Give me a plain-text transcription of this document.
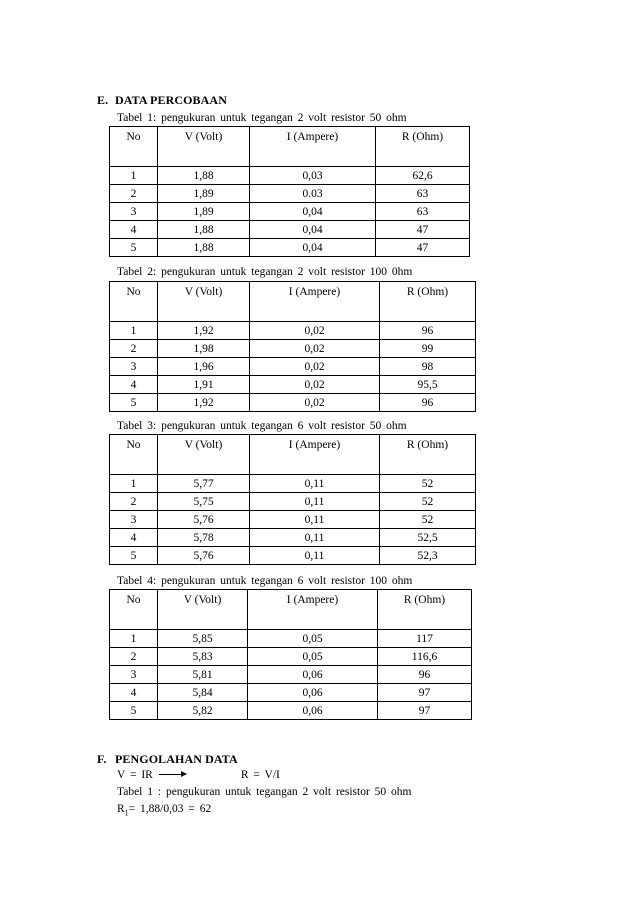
E. DATA PERCOBAAN
Tabel 1: pengukuran untuk tegangan 2 volt resistor 50 ohm
No	V (Volt)	I (Ampere)	R (Ohm)
1	1,88	0,03	62,6
2	1,89	0.03	63
3	1,89	0,04	63
4	1,88	0,04	47
5	1,88	0,04	47
Tabel 2: pengukuran untuk tegangan 2 volt resistor 100 0hm
No	V (Volt)	I (Ampere)	R (Ohm)
1	1,92	0,02	96
2	1,98	0,02	99
3	1,96	0,02	98
4	1,91	0,02	95,5
5	1,92	0,02	96
Tabel 3: pengukuran untuk tegangan 6 volt resistor 50 ohm
No	V (Volt)	I (Ampere)	R (Ohm)
1	5,77	0,11	52
2	5,75	0,11	52
3	5,76	0,11	52
4	5,78	0,11	52,5
5	5,76	0,11	52,3
Tabel 4: pengukuran untuk tegangan 6 volt resistor 100 ohm
No	V (Volt)	I (Ampere)	R (Ohm)
1	5,85	0,05	117
2	5,83	0,05	116,6
3	5,81	0,06	96
4	5,84	0,06	97
5	5,82	0,06	97
F. PENGOLAHAN DATA
V = IR	R = V/I
Tabel 1 : pengukuran untuk tegangan 2 volt resistor 50 ohm
$R_1= 1,88/0,03 = 62$
